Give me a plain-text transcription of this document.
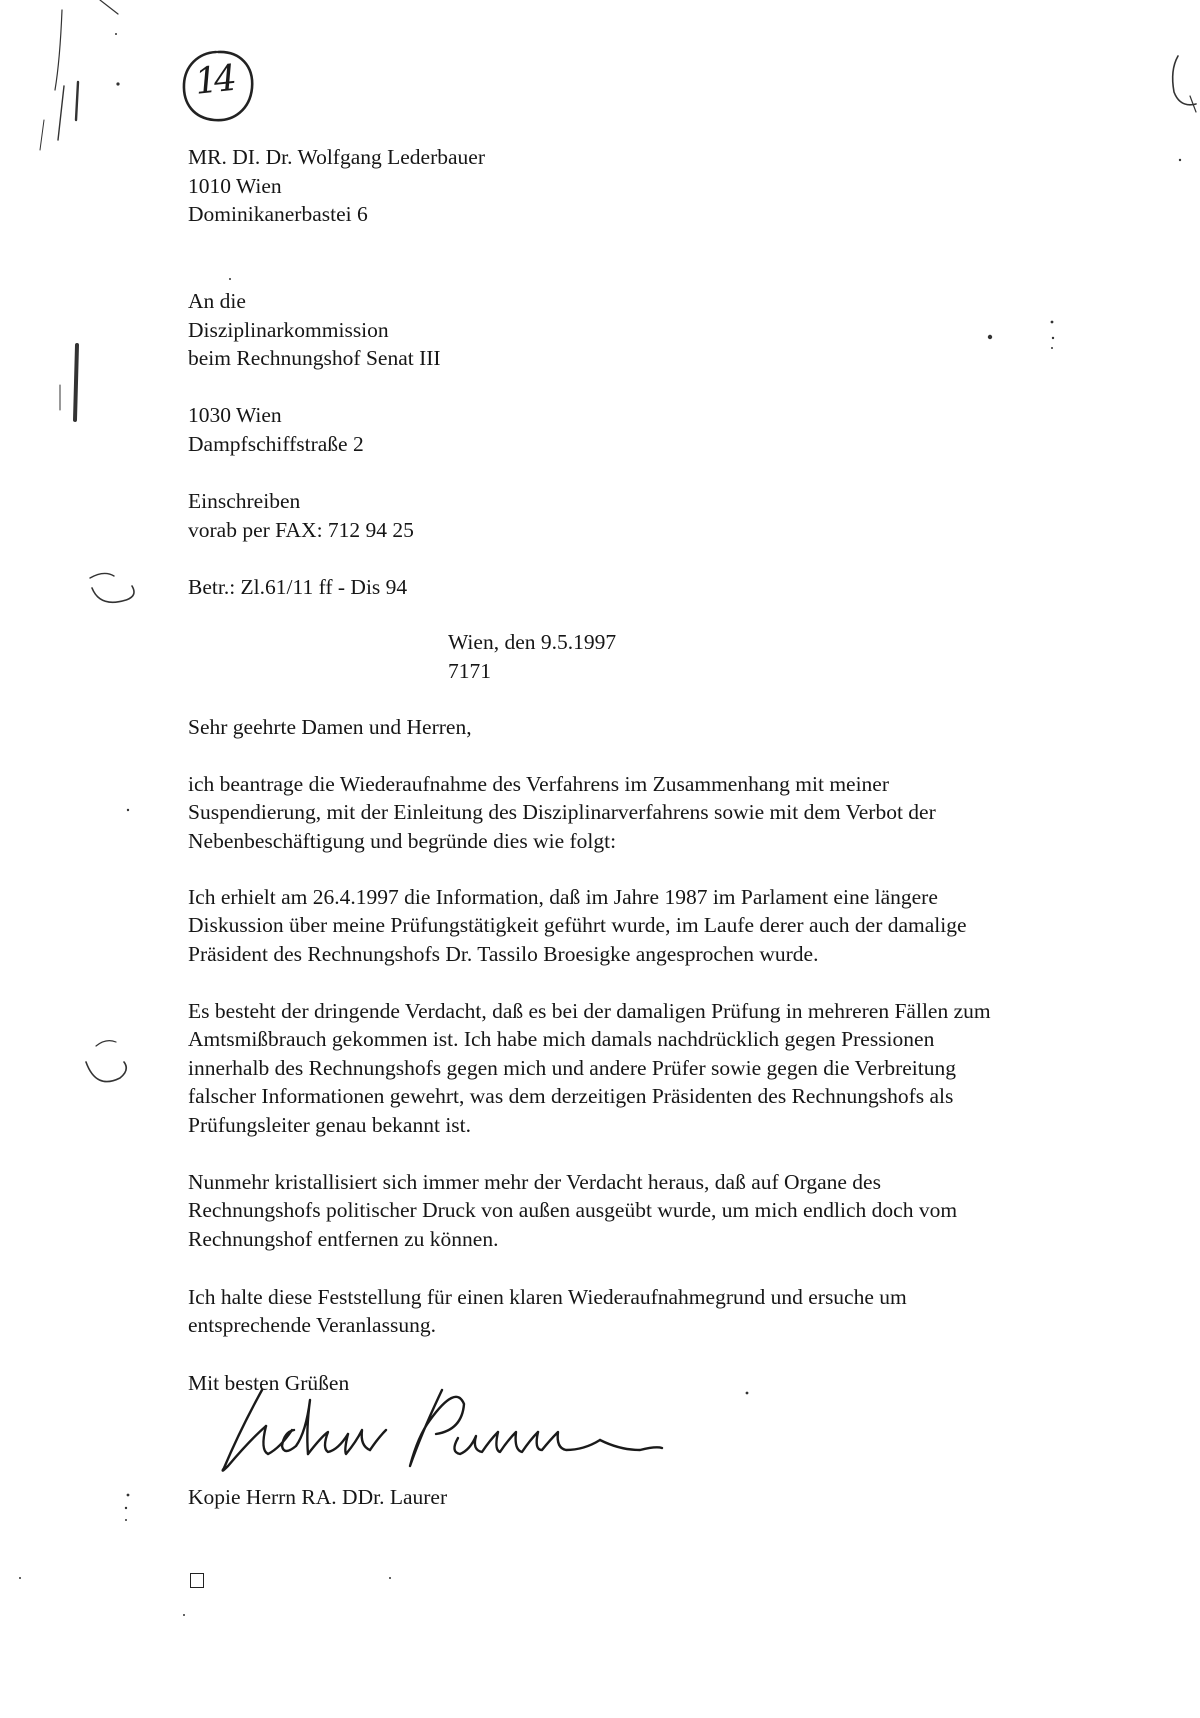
14
MR. DI. Dr. Wolfgang Lederbauer
1010 Wien
Dominikanerbastei 6
An die
Disziplinarkommission
beim Rechnungshof Senat III
1030 Wien
Dampfschiffstraße 2
Einschreiben
vorab per FAX: 712 94 25
Betr.: Zl.61/11 ff - Dis 94
Wien, den 9.5.1997
7171
Sehr geehrte Damen und Herren,
ich beantrage die Wiederaufnahme des Verfahrens im Zusammenhang mit meiner
Suspendierung, mit der Einleitung des Disziplinarverfahrens sowie mit dem Verbot der
Nebenbeschäftigung und begründe dies wie folgt:
Ich erhielt am 26.4.1997 die Information, daß im Jahre 1987 im Parlament eine längere
Diskussion über meine Prüfungstätigkeit geführt wurde, im Laufe derer auch der damalige
Präsident des Rechnungshofs Dr. Tassilo Broesigke angesprochen wurde.
Es besteht der dringende Verdacht, daß es bei der damaligen Prüfung in mehreren Fällen zum
Amtsmißbrauch gekommen ist. Ich habe mich damals nachdrücklich gegen Pressionen
innerhalb des Rechnungshofs gegen mich und andere Prüfer sowie gegen die Verbreitung
falscher Informationen gewehrt, was dem derzeitigen Präsidenten des Rechnungshofs als
Prüfungsleiter genau bekannt ist.
Nunmehr kristallisiert sich immer mehr der Verdacht heraus, daß auf Organe des
Rechnungshofs politischer Druck von außen ausgeübt wurde, um mich endlich doch vom
Rechnungshof entfernen zu können.
Ich halte diese Feststellung für einen klaren Wiederaufnahmegrund und ersuche um
entsprechende Veranlassung.
Mit besten Grüßen
Kopie Herrn RA. DDr. Laurer
